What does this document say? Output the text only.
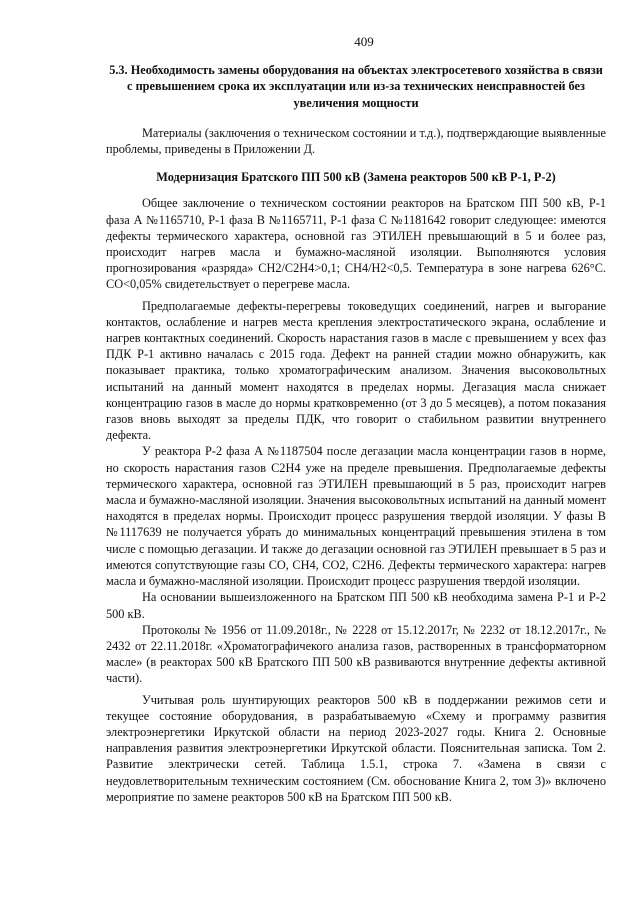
409
5.3. Необходимость замены оборудования на объектах электросетевого хозяйства в связи с превышением срока их эксплуатации или из-за технических неисправностей без увеличения мощности

Материалы (заключения о техническом состоянии и т.д.), подтверждающие выявленные проблемы, приведены в Приложении Д.

Модернизация Братского ПП 500 кВ (Замена реакторов 500 кВ Р-1, Р-2)

Общее заключение о техническом состоянии реакторов на Братском ПП 500 кВ, Р-1 фаза А №1165710, Р-1 фаза В №1165711, Р-1 фаза С №1181642 говорит следующее: имеются дефекты термического характера, основной газ ЭТИЛЕН превышающий в 5 и более раз, происходит нагрев масла и бумажно-масляной изоляции. Выполняются условия прогнозирования «разряда» СН2/С2Н4>0,1; СН4/Н2<0,5. Температура в зоне нагрева 626°С. СО<0,05% свидетельствует о перегреве масла.

Предполагаемые дефекты-перегревы токоведущих соединений, нагрев и выгорание контактов, ослабление и нагрев места крепления электростатического экрана, ослабление и нагрев контактных соединений. Скорость нарастания газов в масле с превышением у всех фаз ПДК Р-1 активно началась с 2015 года. Дефект на ранней стадии можно обнаружить, как показывает практика, только хроматографическим анализом. Значения высоковольтных испытаний на данный момент находятся в пределах нормы. Дегазация масла снижает концентрацию газов в масле до нормы кратковременно (от 3 до 5 месяцев), а потом показания газов вновь выходят за пределы ПДК, что говорит о стабильном развитии внутреннего дефекта.

У реактора Р-2 фаза А №1187504 после дегазации масла концентрации газов в норме, но скорость нарастания газов С2Н4 уже на пределе превышения. Предполагаемые дефекты термического характера, основной газ ЭТИЛЕН превышающий в 5 раз, происходит нагрев масла и бумажно-масляной изоляции. Значения высоковольтных испытаний на данный момент находятся в пределах нормы. Происходит процесс разрушения твердой изоляции. У фазы В №1117639 не получается убрать до минимальных концентраций превышения этилена в том числе с помощью дегазации. И также до дегазации основной газ ЭТИЛЕН превышает в 5 раз и имеются сопутствующие газы СО, СН4, СО2, С2Н6. Дефекты термического характера: нагрев масла и бумажно-масляной изоляции. Происходит процесс разрушения твердой изоляции.

На основании вышеизложенного на Братском ПП 500 кВ необходима замена Р-1 и Р-2 500 кВ.

Протоколы № 1956 от 11.09.2018г., № 2228 от 15.12.2017г, № 2232 от 18.12.2017г., № 2432 от 22.11.2018г. «Хроматографичекого анализа газов, растворенных в трансформаторном масле» (в реакторах 500 кВ Братского ПП 500 кВ развиваются внутренние дефекты активной части).

Учитывая роль шунтирующих реакторов 500 кВ в поддержании режимов сети и текущее состояние оборудования, в разрабатываемую «Схему и программу развития электроэнергетики Иркутской области на период 2023-2027 годы. Книга 2. Основные направления развития электроэнергетики Иркутской области. Пояснительная записка. Том 2. Развитие электрически сетей. Таблица 1.5.1, строка 7. «Замена в связи с неудовлетворительным техническим состоянием (См. обоснование Книга 2, том 3)» включено мероприятие по замене реакторов 500 кВ на Братском ПП 500 кВ.
